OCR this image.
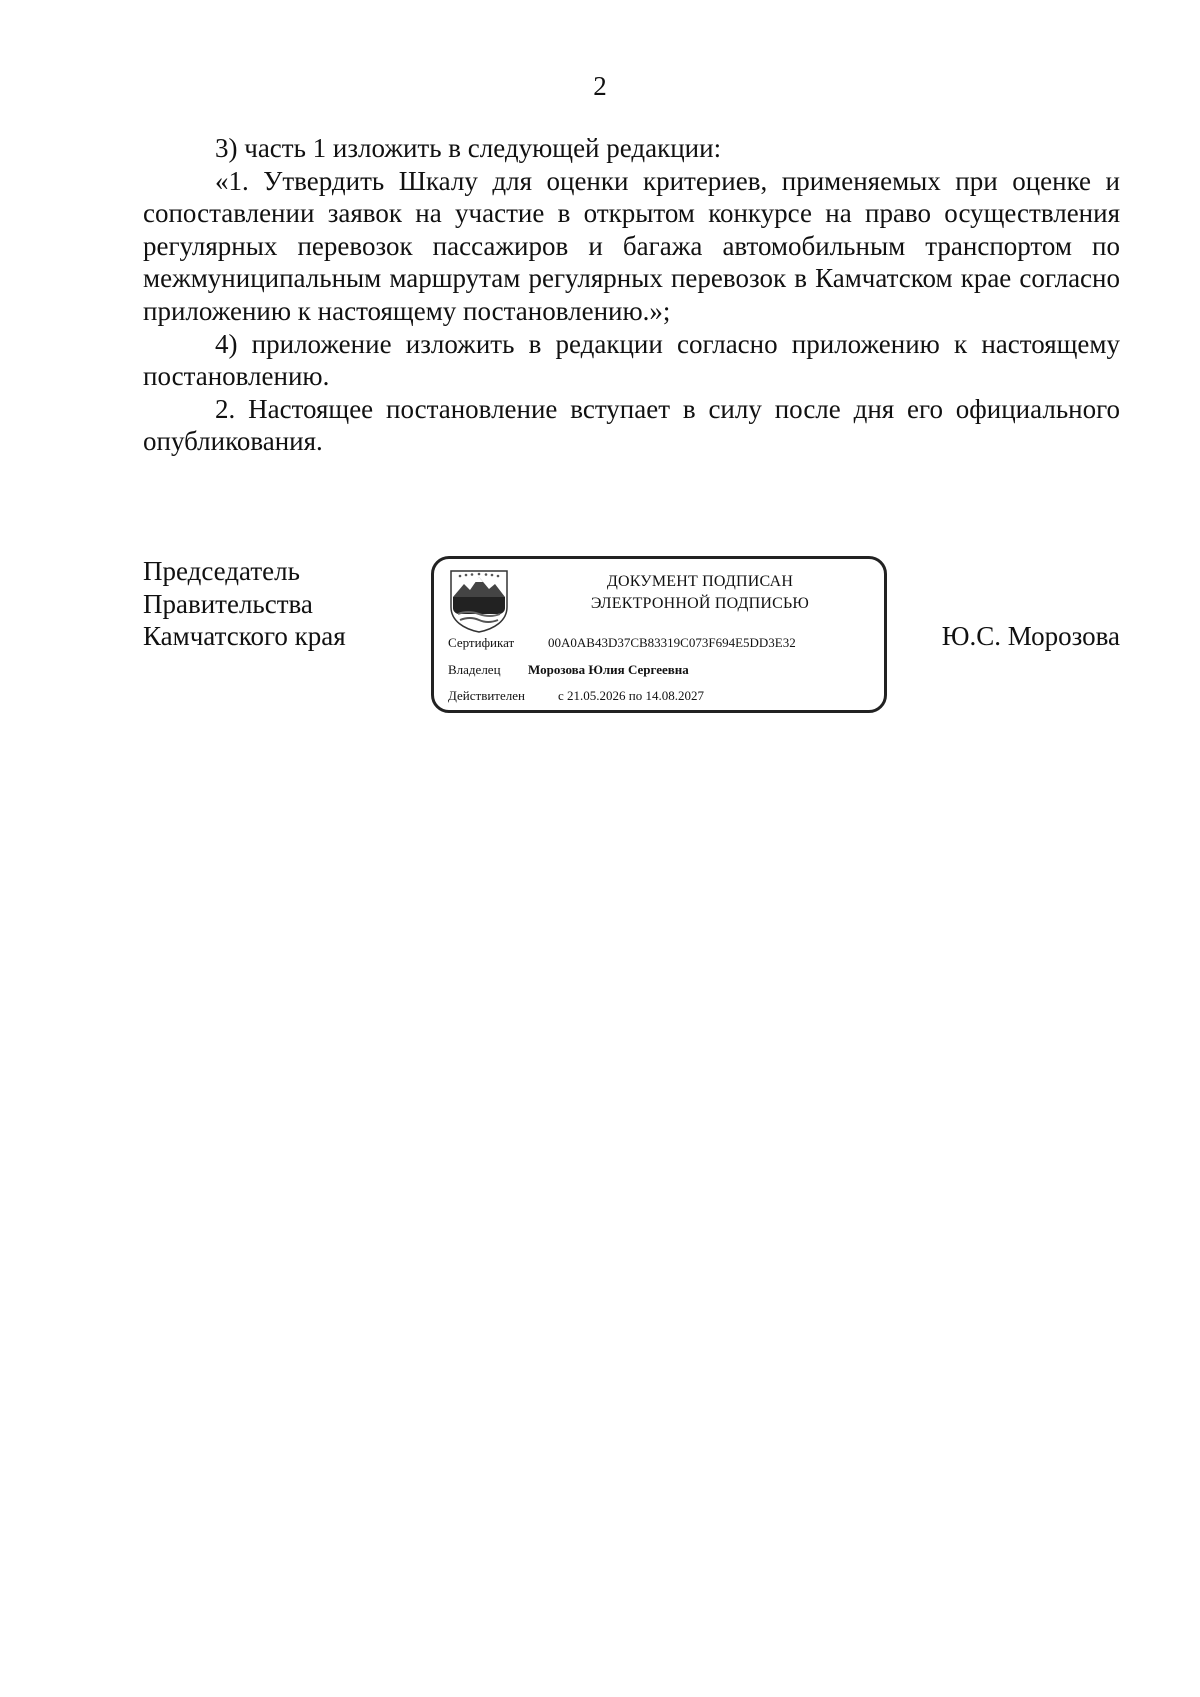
2

3) часть 1 изложить в следующей редакции:

«1. Утвердить Шкалу для оценки критериев, применяемых при оценке и сопоставлении заявок на участие в открытом конкурсе на право осуществления регулярных перевозок пассажиров и багажа автомобильным транспортом по межмуниципальным маршрутам регулярных перевозок в Камчатском крае согласно приложению к настоящему постановлению.»;

4) приложение изложить в редакции согласно приложению к настоящему постановлению.

2. Настоящее постановление вступает в силу после дня его официального опубликования.

Председатель
Правительства
Камчатского края
ДОКУМЕНТ ПОДПИСАН
ЭЛЕКТРОННОЙ ПОДПИСЬЮ
Сертификат	00A0AB43D37CB83319C073F694E5DD3E32
Владелец Морозова Юлия Сергеевна
Действителен	с 21.05.2026 по 14.08.2027
Ю.С. Морозова
